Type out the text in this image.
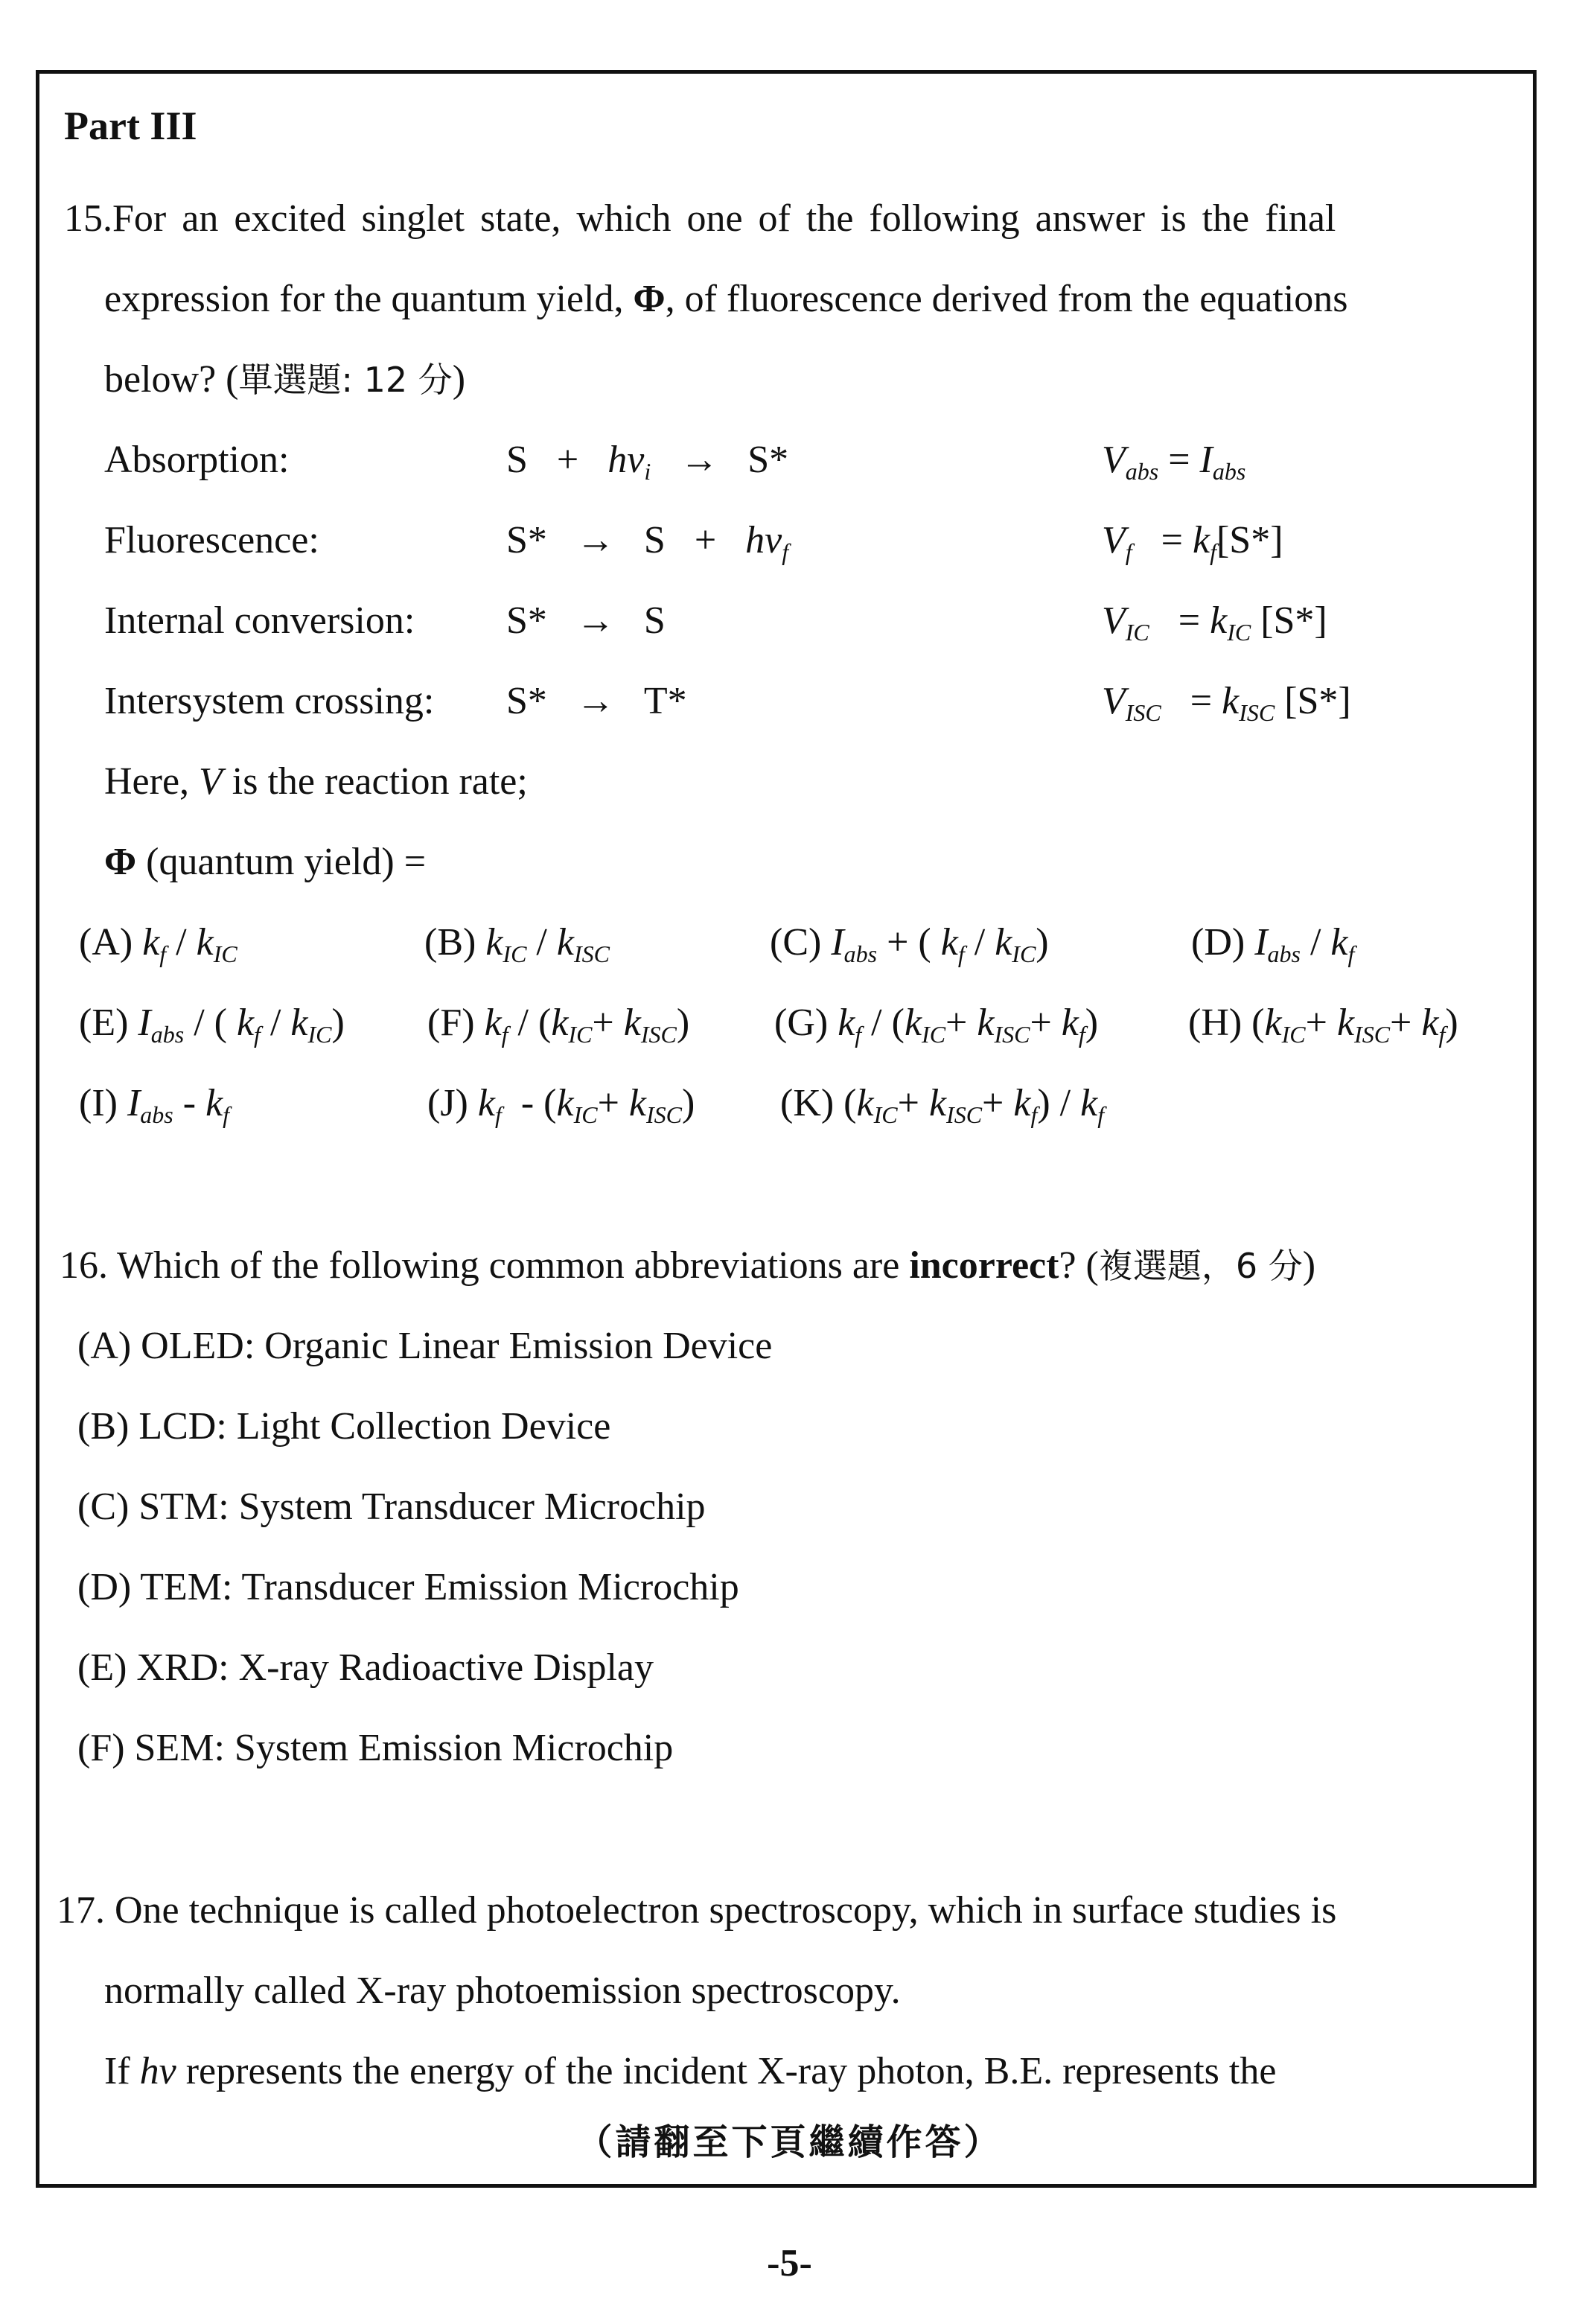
Part III
15.For an excited singlet state, which one of the following answer is the final
expression for the quantum yield, Φ, of fluorescence derived from the equations
below? (單選題: 12 分)
Absorption:	$S + h\nu_i \to S*$	$V_{abs} = I_{abs}$
Fluorescence:	$S* \to S + h\nu_f$	$V_f = k_f[S*]$
Internal conversion: S*   →   S	$V_{IC} = k_{IC}$ [S*]
Intersystem crossing: S*   →   T*	$V_{ISC} = k_{ISC}$ [S*]
Here, V is the reaction rate;
Φ (quantum yield) =
(A) $k_f / k_{IC}$	(B) $k_{IC} / k_{ISC}$	(C) $I_{abs}$ + ( $k_f / k_{IC}$)	(D) $I_{abs} / k_f$
(E) $I_{abs}$ / ( $k_f / k_{IC}$) (F) $k_f / (k_{IC}+ k_{ISC})$ (G) $k_f / (k_{IC}+ k_{ISC}+ k_f)$ (H) $(k_{IC}+ k_{ISC}+ k_f)$
(I) $I_{abs} - k_f$	(J) $k_f - (k_{IC}+ k_{ISC})$ (K) $(k_{IC}+ k_{ISC}+ k_f) / k_f$
16. Which of the following common abbreviations are incorrect? (複選題，6 分)
(A) OLED: Organic Linear Emission Device
(B) LCD: Light Collection Device
(C) STM: System Transducer Microchip
(D) TEM: Transducer Emission Microchip
(E) XRD: X-ray Radioactive Display
(F) SEM: System Emission Microchip
17. One technique is called photoelectron spectroscopy, which in surface studies is
normally called X-ray photoemission spectroscopy.
If hv represents the energy of the incident X-ray photon, B.E. represents the
（請翻至下頁繼續作答）
-5-
